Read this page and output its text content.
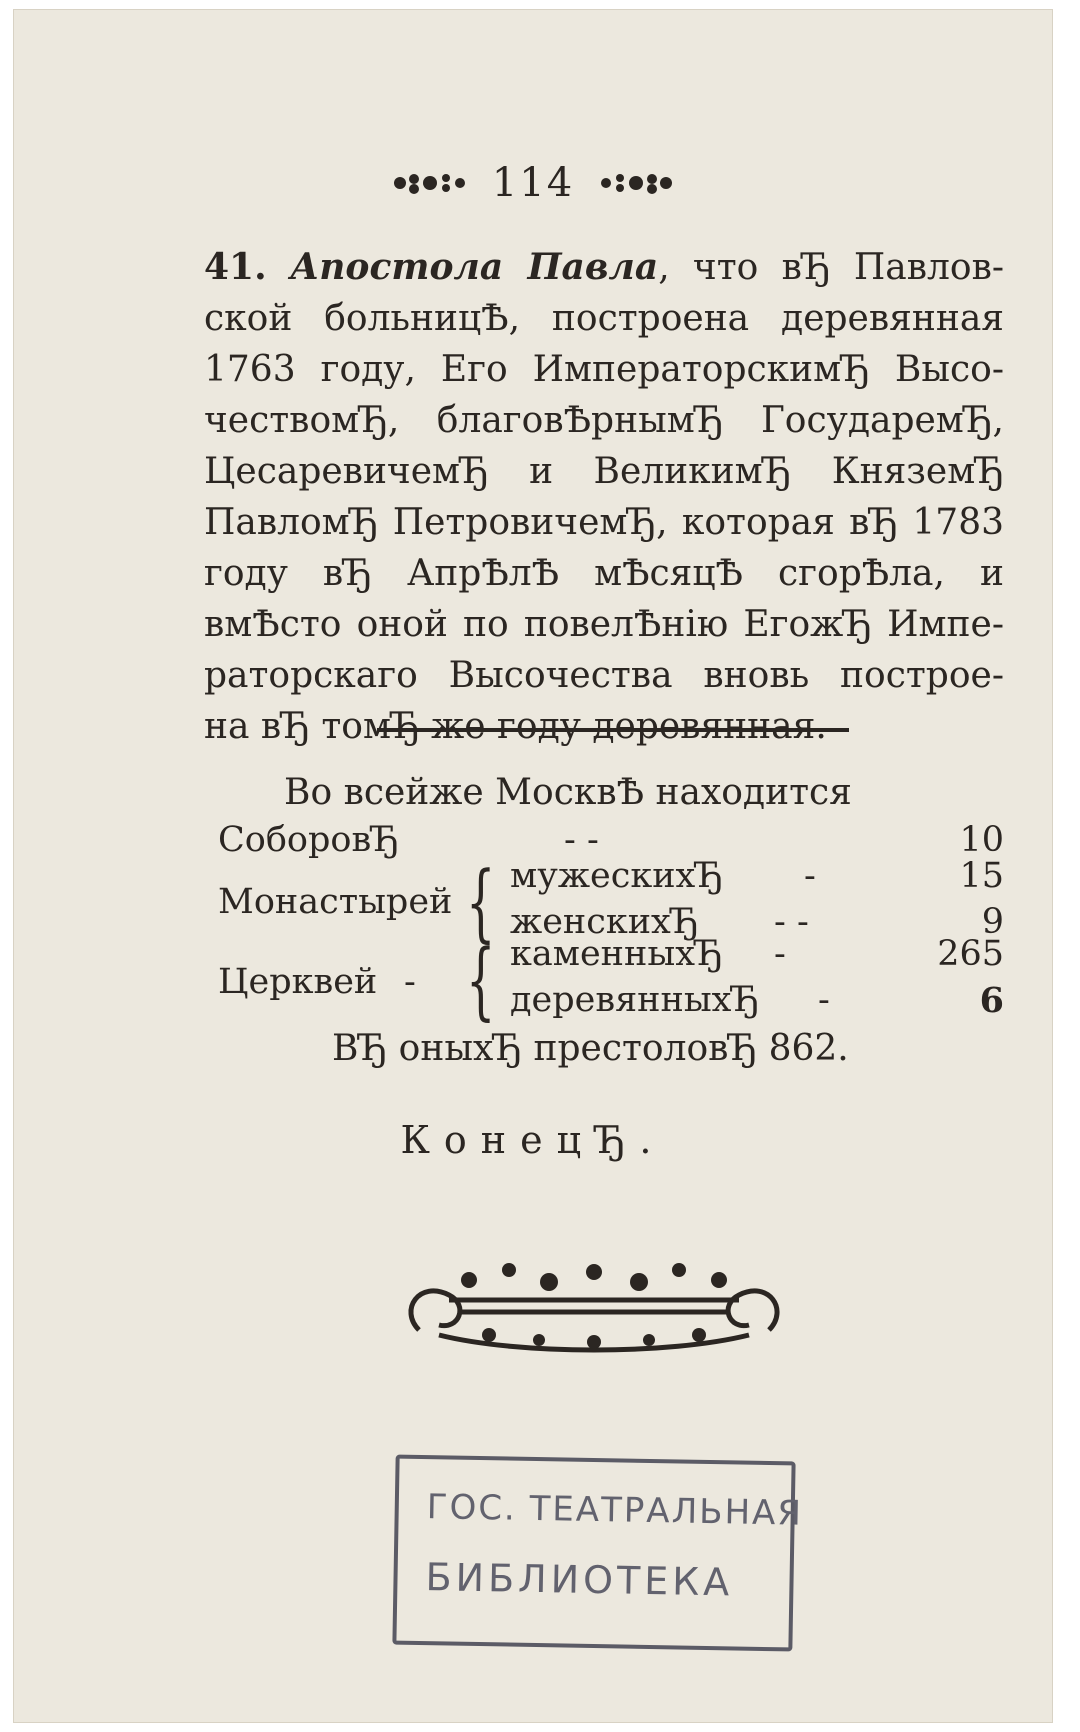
114
41. Апостола Павла, что вЂ Павлов-
ской больницѢ, построена деревянная
1763 году, Его ИмператорскимЂ Высо-
чествомЂ, благовѢрнымЂ ГосударемЂ,
ЦесаревичемЂ и ВеликимЂ КняземЂ
ПавломЂ ПетровичемЂ, которая вЂ 1783
году вЂ АпрѢлѢ мѢсяцѢ сгорѢла, и
вмѢсто оной по повелѢнiю ЕгожЂ Импе-
раторскаго Высочества вновь построе-
на вЂ томЂ же году деревянная.
Во всейже МосквѢ находится
СоборовЂ	- -	10
Монастырей { мужескихЂ -	15
женскихЂ - -	9
Церквей - { каменныхЂ -	265
деревянныхЂ -	6
ВЂ оныхЂ престоловЂ 862.
КонецЂ.
ГОС. ТЕАТРАЛЬНАЯ
БИБЛИОТЕКА
